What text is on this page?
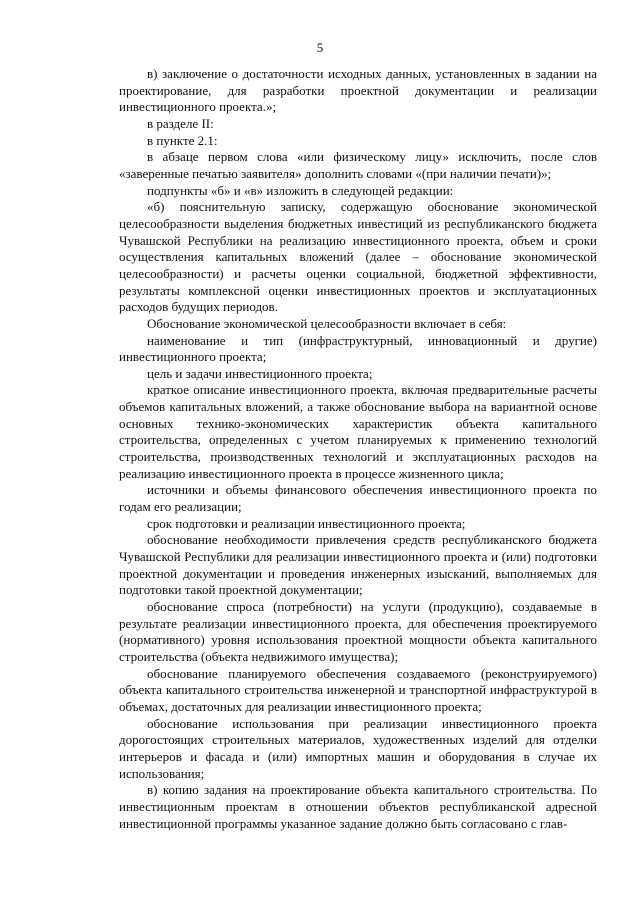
5

в) заключение о достаточности исходных данных, установленных в задании на проектирование, для разработки проектной документации и реализации инвестиционного проекта.»;

в разделе II:

в пункте 2.1:

в абзаце первом слова «или физическому лицу» исключить, после слов «заверенные печатью заявителя» дополнить словами «(при наличии печати)»;

подпункты «б» и «в» изложить в следующей редакции:

«б) пояснительную записку, содержащую обоснование экономической целесообразности выделения бюджетных инвестиций из республиканского бюджета Чувашской Республики на реализацию инвестиционного проекта, объем и сроки осуществления капитальных вложений (далее – обоснование экономической целесообразности) и расчеты оценки социальной, бюджетной эффективности, результаты комплексной оценки инвестиционных проектов и эксплуатационных расходов будущих периодов.

Обоснование экономической целесообразности включает в себя:

наименование и тип (инфраструктурный, инновационный и другие) инвестиционного проекта;

цель и задачи инвестиционного проекта;

краткое описание инвестиционного проекта, включая предварительные расчеты объемов капитальных вложений, а также обоснование выбора на вариантной основе основных технико-экономических характеристик объекта капитального строительства, определенных с учетом планируемых к применению технологий строительства, производственных технологий и эксплуатационных расходов на реализацию инвестиционного проекта в процессе жизненного цикла;

источники и объемы финансового обеспечения инвестиционного проекта по годам его реализации;

срок подготовки и реализации инвестиционного проекта;

обоснование необходимости привлечения средств республиканского бюджета Чувашской Республики для реализации инвестиционного проекта и (или) подготовки проектной документации и проведения инженерных изысканий, выполняемых для подготовки такой проектной документации;

обоснование спроса (потребности) на услуги (продукцию), создаваемые в результате реализации инвестиционного проекта, для обеспечения проектируемого (нормативного) уровня использования проектной мощности объекта капитального строительства (объекта недвижимого имущества);

обоснование планируемого обеспечения создаваемого (реконструируемого) объекта капитального строительства инженерной и транспортной инфраструктурой в объемах, достаточных для реализации инвестиционного проекта;

обоснование использования при реализации инвестиционного проекта дорогостоящих строительных материалов, художественных изделий для отделки интерьеров и фасада и (или) импортных машин и оборудования в случае их использования;

в) копию задания на проектирование объекта капитального строительства. По инвестиционным проектам в отношении объектов республиканской адресной инвестиционной программы указанное задание должно быть согласовано с глав-
